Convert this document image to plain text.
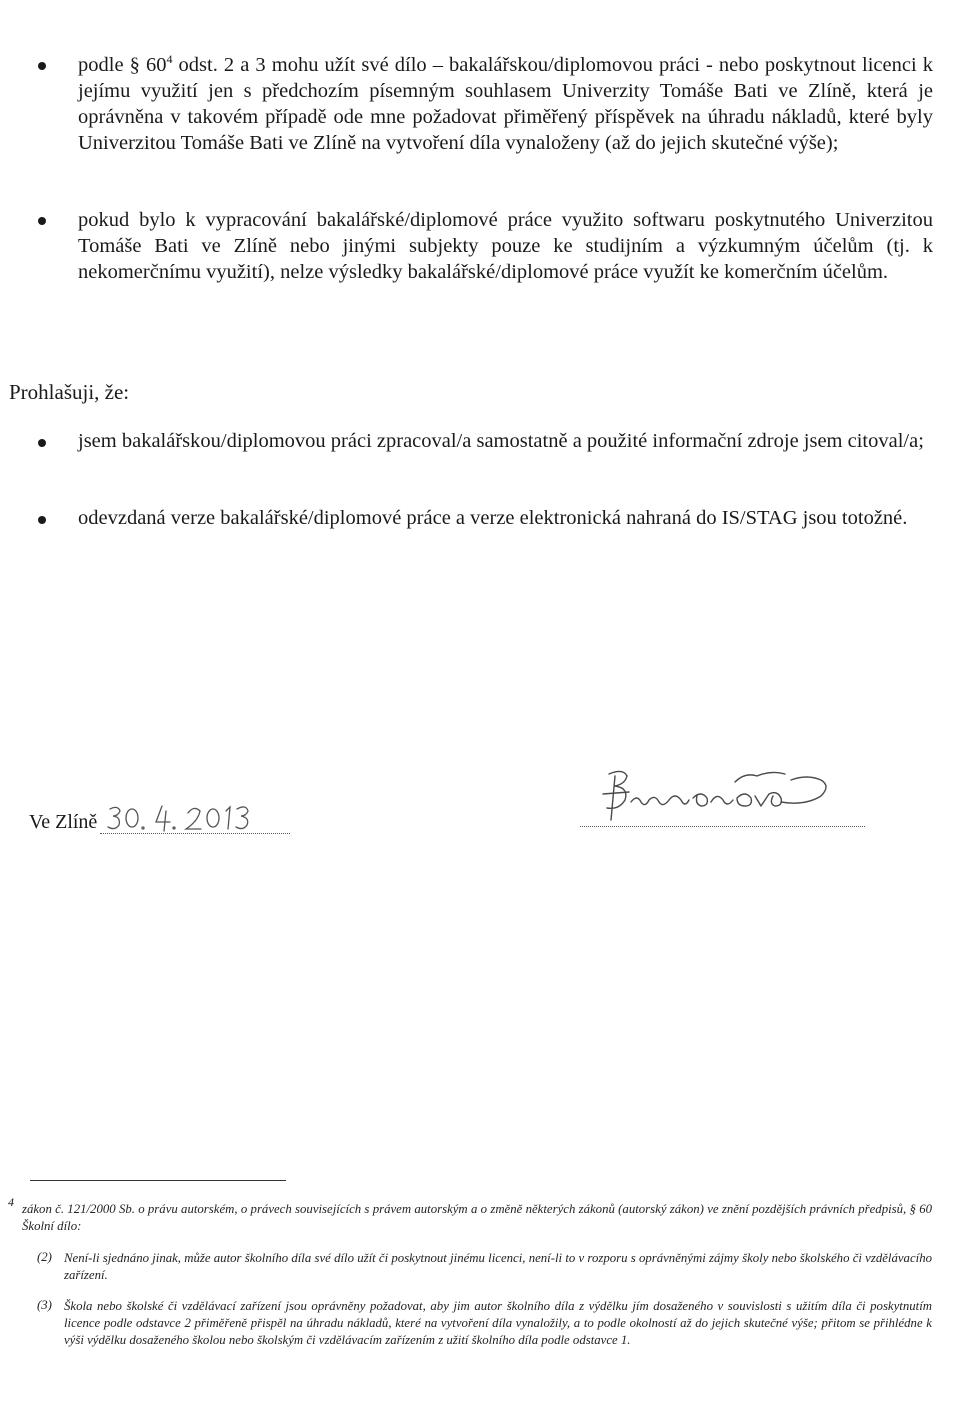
podle § $60^4$ odst. 2 a 3 mohu užít své dílo – bakalářskou/diplomovou práci - nebo poskytnout licenci k jejímu využití jen s předchozím písemným souhlasem Univerzity Tomáše Bati ve Zlíně, která je oprávněna v takovém případě ode mne požadovat přiměřený příspěvek na úhradu nákladů, které byly Univerzitou Tomáše Bati ve Zlíně na vytvoření díla vynaloženy (až do jejich skutečné výše);
pokud bylo k vypracování bakalářské/diplomové práce využito softwaru poskytnutého Univerzitou Tomáše Bati ve Zlíně nebo jinými subjekty pouze ke studijním a výzkumným účelům (tj. k nekomerčnímu využití), nelze výsledky bakalářské/diplomové práce využít ke komerčním účelům.
Prohlašuji, že:
jsem bakalářskou/diplomovou práci zpracoval/a samostatně a použité informační zdroje jsem citoval/a;
odevzdaná verze bakalářské/diplomové práce a verze elektronická nahraná do IS/STAG jsou totožné.
Ve Zlíně
4 zákon č. 121/2000 Sb. o právu autorském, o právech souvisejících s právem autorským a o změně některých zákonů (autorský zákon) ve znění pozdějších právních předpisů, § 60 Školní dílo:
(2) Není-li sjednáno jinak, může autor školního díla své dílo užít či poskytnout jinému licenci, není-li to v rozporu s oprávněnými zájmy školy nebo školského či vzdělávacího zařízení.
(3) Škola nebo školské či vzdělávací zařízení jsou oprávněny požadovat, aby jim autor školního díla z výdělku jím dosaženého v souvislosti s užitím díla či poskytnutím licence podle odstavce 2 přiměřeně přispěl na úhradu nákladů, které na vytvoření díla vynaložily, a to podle okolností až do jejich skutečné výše; přitom se přihlédne k výši výdělku dosaženého školou nebo školským či vzdělávacím zařízením z užití školního díla podle odstavce 1.
